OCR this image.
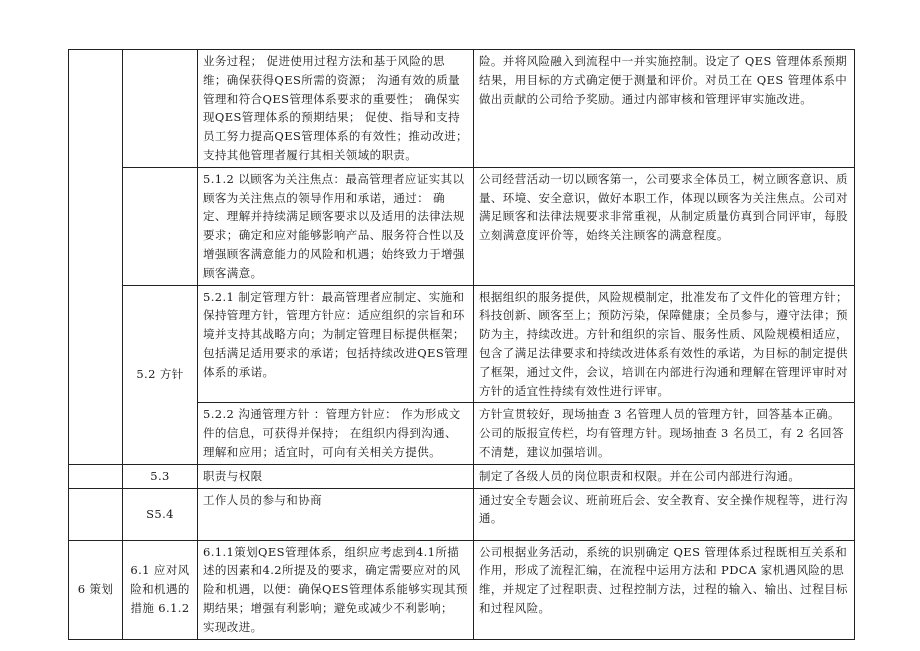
		业务过程； 促进使用过程方法和基于风险的思维；确保获得QES所需的资源； 沟通有效的质量管理和符合QES管理体系要求的重要性； 确保实现QES管理体系的预期结果； 促使、指导和支持员工努力提高QES管理体系的有效性；推动改进； 支持其他管理者履行其相关领域的职责。	险。并将风险融入到流程中一并实施控制。设定了 QES 管理体系预期结果，用目标的方式确定便于测量和评价。对员工在 QES 管理体系中做出贡献的公司给予奖励。通过内部审核和管理评审实施改进。
		5.1.2 以顾客为关注焦点：最高管理者应证实其以顾客为关注焦点的领导作用和承诺，通过： 确定、理解并持续满足顾客要求以及适用的法律法规要求；确定和应对能够影响产品、服务符合性以及增强顾客满意能力的风险和机遇；始终致力于增强顾客满意。	公司经营活动一切以顾客第一，公司要求全体员工，树立顾客意识、质量、环境、安全意识，做好本职工作，体现以顾客为关注焦点。公司对满足顾客和法律法规要求非常重视，从制定质量仿真到合同评审，每股立刻满意度评价等，始终关注顾客的满意程度。
	5.2 方针	5.2.1 制定管理方针：最高管理者应制定、实施和保持管理方针，管理方针应：适应组织的宗旨和环境并支持其战略方向；为制定管理目标提供框架；包括满足适用要求的承诺；包括持续改进QES管理体系的承诺。	根据组织的服务提供，风险规模制定，批准发布了文件化的管理方针； 科技创新、顾客至上；预防污染，保障健康；全员参与，遵守法律；预防为主，持续改进。方针和组织的宗旨、服务性质、风险规模相适应，包含了满足法律要求和持续改进体系有效性的承诺，为目标的制定提供了框架，通过文件，会议，培训在内部进行沟通和理解在管理评审时对方针的适宜性持续有效性进行评审。
		5.2.2 沟通管理方针 ：管理方针应： 作为形成文件的信息，可获得并保持； 在组织内得到沟通、理解和应用；适宜时，可向有关相关方提供。	方针宣贯较好，现场抽查 3 名管理人员的管理方针，回答基本正确。公司的版报宣传栏，均有管理方针。现场抽查 3 名员工，有 2 名回答不清楚，建议加强培训。
	5.3	职责与权限	制定了各级人员的岗位职责和权限。并在公司内部进行沟通。
	S5.4	工作人员的参与和协商	通过安全专题会议、班前班后会、安全教育、安全操作规程等，进行沟通。
6 策划	6.1 应对风险和机遇的措施 6.1.2	6.1.1策划QES管理体系，组织应考虑到4.1所描述的因素和4.2所提及的要求，确定需要应对的风险和机遇，以便：确保QES管理体系能够实现其预期结果；增强有利影响；避免或减少不利影响； 实现改进。	公司根据业务活动，系统的识别确定 QES 管理体系过程既相互关系和作用，形成了流程汇编，在流程中运用方法和 PDCA 家机遇风险的思维，并规定了过程职责、过程控制方法，过程的输入、输出、过程目标和过程风险。
